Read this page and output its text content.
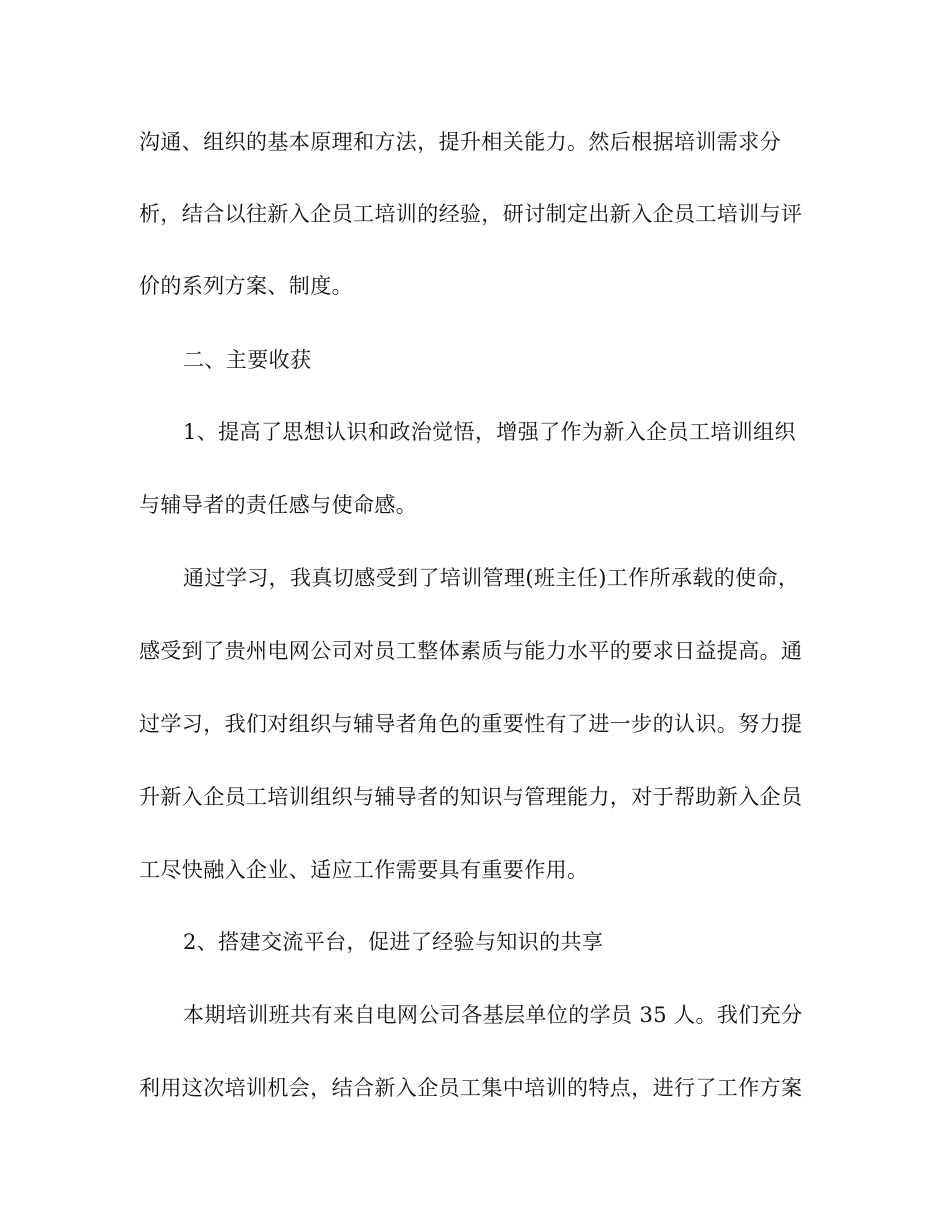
沟通、组织的基本原理和方法，提升相关能力。然后根据培训需求分
析，结合以往新入企员工培训的经验，研讨制定出新入企员工培训与评
价的系列方案、制度。
二、主要收获
1、提高了思想认识和政治觉悟，增强了作为新入企员工培训组织
与辅导者的责任感与使命感。
通过学习，我真切感受到了培训管理(班主任)工作所承载的使命，
感受到了贵州电网公司对员工整体素质与能力水平的要求日益提高。通
过学习，我们对组织与辅导者角色的重要性有了进一步的认识。努力提
升新入企员工培训组织与辅导者的知识与管理能力，对于帮助新入企员
工尽快融入企业、适应工作需要具有重要作用。
2、搭建交流平台，促进了经验与知识的共享
本期培训班共有来自电网公司各基层单位的学员 35 人。我们充分
利用这次培训机会，结合新入企员工集中培训的特点，进行了工作方案
